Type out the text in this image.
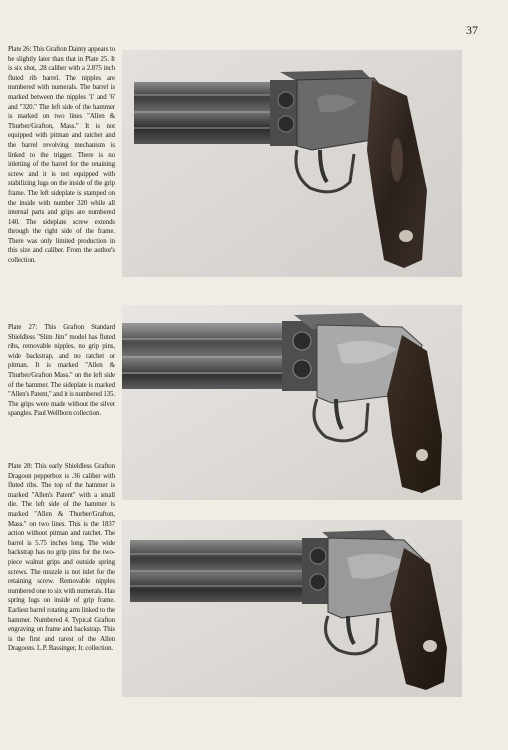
37
Plate 26: This Grafton Dainty appears to be slightly later than that in Plate 25. It is six shot, .28 caliber with a 2.875 inch fluted rib barrel. The nipples are numbered with numerals. The barrel is marked between the nipples '1' and '6' and "320." The left side of the hammer is marked on two lines "Allen & Thurber/Grafton, Mass." It is not equipped with pitman and ratchet and the barrel revolving mechanism is linked to the trigger. There is no inletting of the barrel for the retaining screw and it is not equipped with stabilizing lugs on the inside of the grip frame. The left sideplate is stamped on the inside with number 320 while all internal parts and grips are numbered 140. The sideplate screw extends through the right side of the frame. There was only limited production in this size and caliber. From the author's collection.
Plate 27: This Grafton Standard Shieldless "Slim Jim" model has fluted ribs, removable nipples, no grip pins, wide backstrap, and no ratchet or pitman. It is marked "Allen & Thurber/Grafton Mass." on the left side of the hammer. The sideplate is marked "Allen's Patent," and it is numbered 135. The grips were made without the silver spangles. Paul Wellborn collection.
Plate 28: This early Shieldless Grafton Dragoon pepperbox is .36 caliber with fluted ribs. The top of the hammer is marked "Allen's Patent" with a small die. The left side of the hammer is marked "Allen & Thurber/Grafton, Mass." on two lines. This is the 1837 action without pitman and ratchet. The barrel is 5.75 inches long. The wide backstrap has no grip pins for the two-piece walnut grips and outside spring screws. The muzzle is not inlet for the retaining screw. Removable nipples numbered one to six with numerals. Has spring lugs on inside of grip frame. Earliest barrel rotating arm linked to the hammer. Numbered 4. Typical Grafton engraving on frame and backstrap. This is the first and rarest of the Allen Dragoons. L.P. Bassinger, Jr. collection.
